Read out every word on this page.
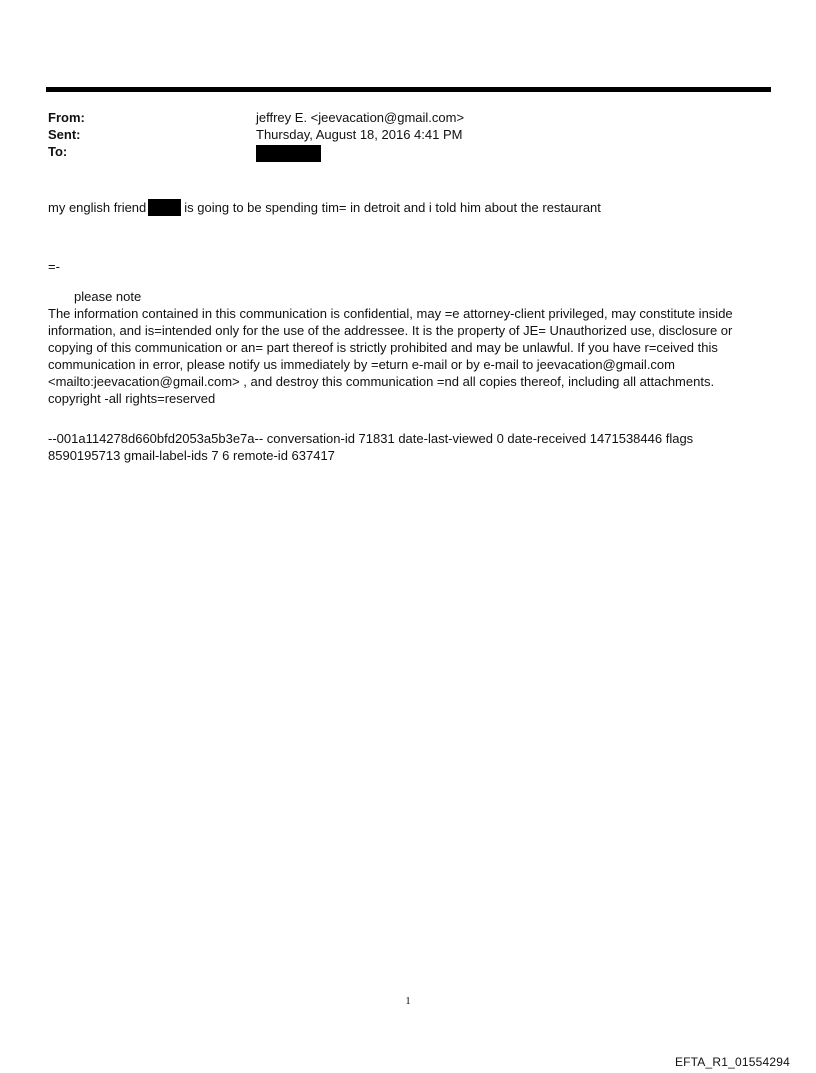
From:	jeffrey E. <jeevacation@gmail.com>
Sent:	Thursday, August 18, 2016 4:41 PM
To:
my english friend	is going to be spending tim= in detroit and i told him about the restaurant
=-
please note
The information contained in this communication is confidential, may =e attorney-client privileged, may constitute inside information, and is=intended only for the use of the addressee. It is the property of JE= Unauthorized use, disclosure or copying of this communication or an= part thereof is strictly prohibited and may be unlawful. If you have r=ceived this communication in error, please notify us immediately by =eturn e-mail or by e-mail to jeevacation@gmail.com <mailto:jeevacation@gmail.com> , and destroy this communication =nd all copies thereof, including all attachments. copyright -all rights=reserved
--001a114278d660bfd2053a5b3e7a-- conversation-id 71831 date-last-viewed 0 date-received 1471538446 flags 8590195713 gmail-label-ids 7 6 remote-id 637417
1
EFTA_R1_01554294
